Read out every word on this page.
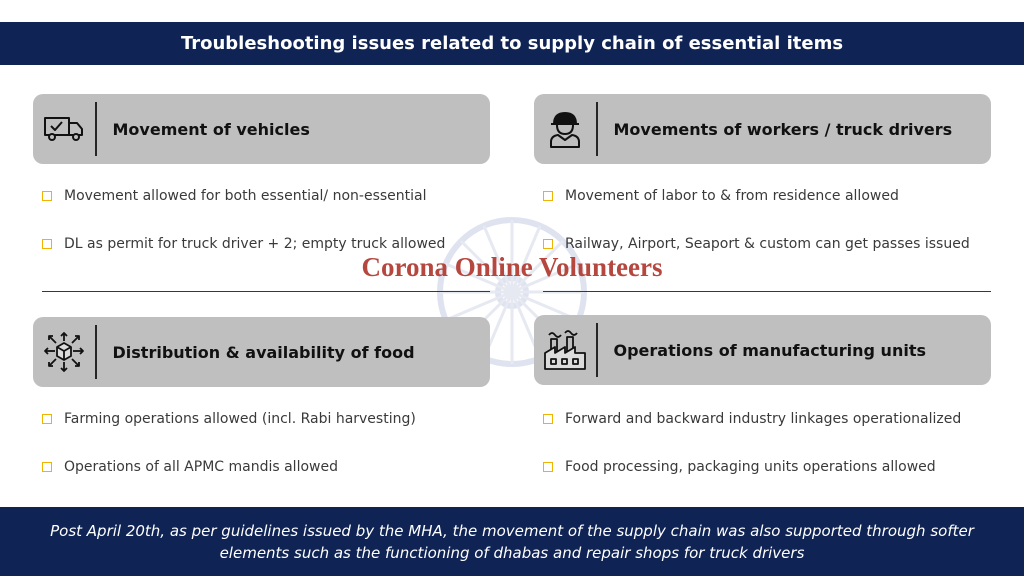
Troubleshooting issues related to supply chain of essential items
Movement of vehicles	Movements of workers / truck drivers
Movement allowed for both essential/ non-essential
DL as permit for truck driver + 2; empty truck allowed
Movement of labor to & from residence allowed
Railway, Airport, Seaport & custom can get passes issued
Corona Online Volunteers
Distribution & availability of food	Operations of manufacturing units
Farming operations allowed (incl. Rabi harvesting)
Operations of all APMC mandis allowed
Forward and backward industry linkages operationalized
Food processing, packaging units operations allowed
Post April 20th, as per guidelines issued by the MHA, the movement of the supply chain was also supported through softer elements such as the functioning of dhabas and repair shops for truck drivers
